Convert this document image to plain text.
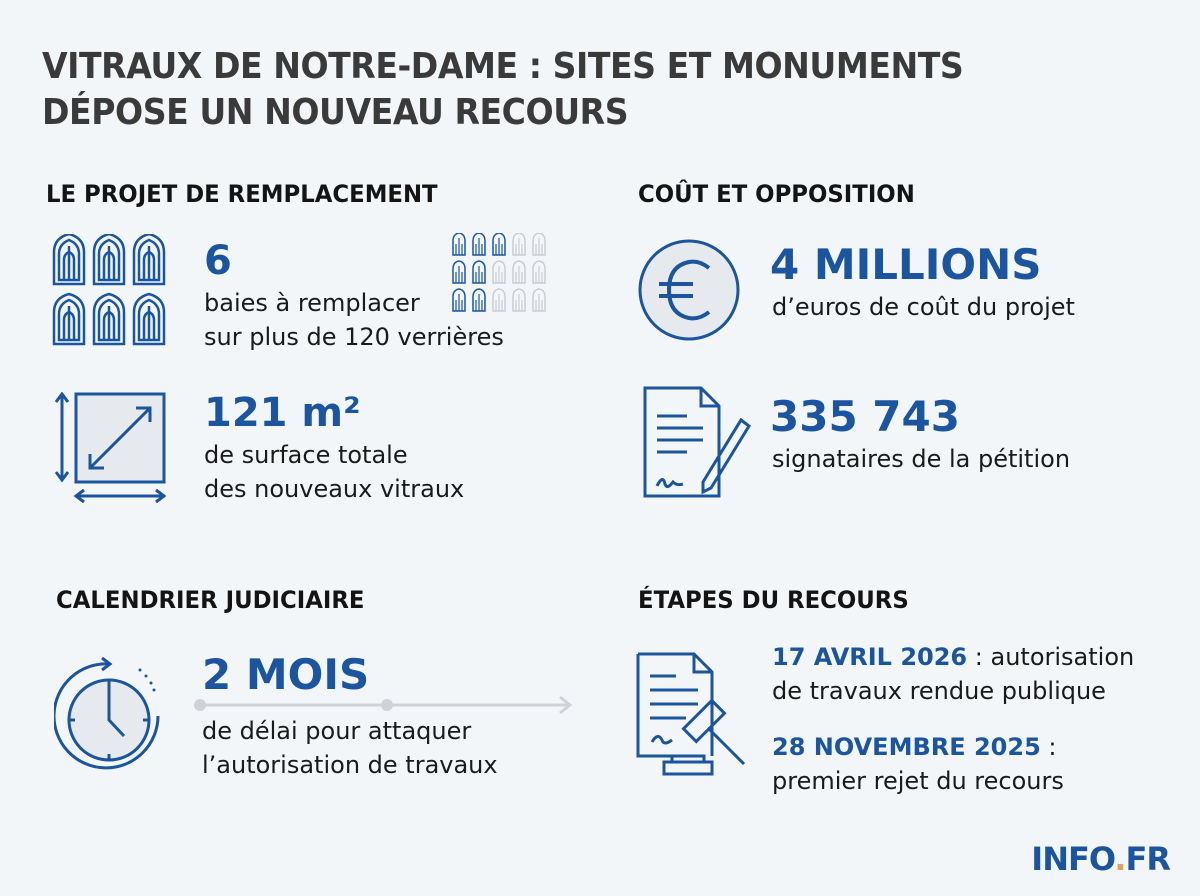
VITRAUX DE NOTRE-DAME : SITES ET MONUMENTS
DÉPOSE UN NOUVEAU RECOURS
LE PROJET DE REMPLACEMENT
6
baies à remplacer
sur plus de 120 verrières
121 m²
de surface totale
des nouveaux vitraux
COÛT ET OPPOSITION
4 MILLIONS
d’euros de coût du projet
335 743
signataires de la pétition
CALENDRIER JUDICIAIRE
2 MOIS
de délai pour attaquer
l’autorisation de travaux
ÉTAPES DU RECOURS
17 AVRIL 2026 : autorisation
de travaux rendue publique
28 NOVEMBRE 2025 :
premier rejet du recours
INFO.FR
